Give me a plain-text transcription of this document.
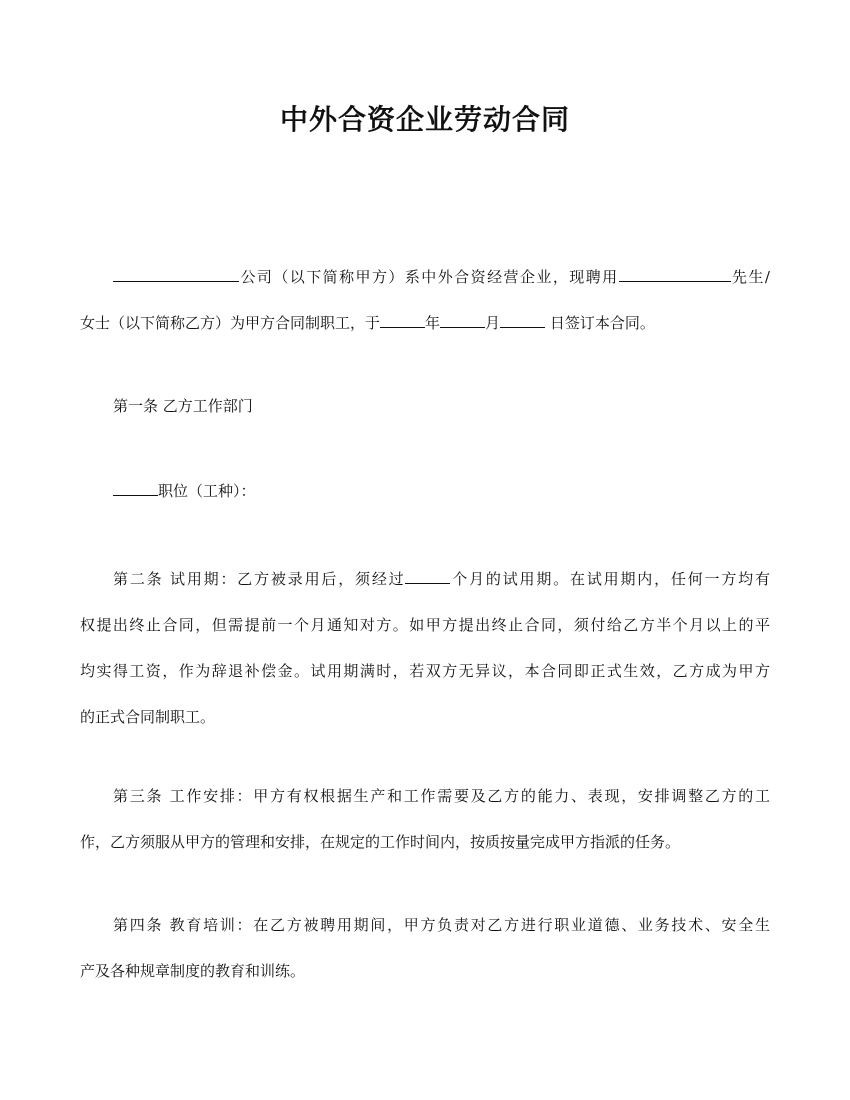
中外合资企业劳动合同
公司（以下简称甲方）系中外合资经营企业，现聘用	先生/
女士（以下简称乙方）为甲方合同制职工，于	年	月	日签订本合同。
第一条 乙方工作部门
职位（工种）：
第二条 试用期：乙方被录用后，须经过	个月的试用期。在试用期内，任何一方均有
权提出终止合同，但需提前一个月通知对方。如甲方提出终止合同，须付给乙方半个月以上的平
均实得工资，作为辞退补偿金。试用期满时，若双方无异议，本合同即正式生效，乙方成为甲方
的正式合同制职工。
第三条 工作安排：甲方有权根据生产和工作需要及乙方的能力、表现，安排调整乙方的工
作，乙方须服从甲方的管理和安排，在规定的工作时间内，按质按量完成甲方指派的任务。
第四条 教育培训：在乙方被聘用期间，甲方负责对乙方进行职业道德、业务技术、安全生
产及各种规章制度的教育和训练。
